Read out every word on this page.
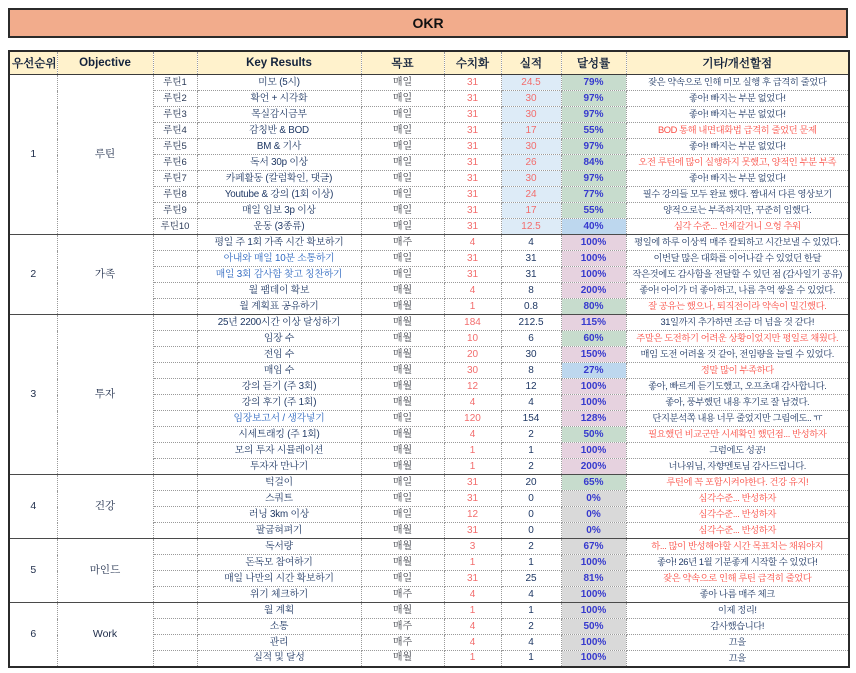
OKR
우선순위	Objective		Key Results	목표	수치화	실적	달성률	기타/개선할점
1	루틴	루틴1	미모 (5시)	매일	31	24.5	79%	잦은 약속으로 인해 미모 실행 후 급격히 줄었다
		루틴2	확언 + 시각화	매일	31	30	97%	좋아! 빠지는 부분 없었다!
		루틴3	목실감시금부	매일	31	30	97%	좋아! 빠지는 부분 없었다!
		루틴4	감칭반 & BOD	매일	31	17	55%	BOD 통해 내면대화법 급격히 줄었던 문제
		루틴5	BM & 기사	매일	31	30	97%	좋아! 빠지는 부분 없었다!
		루틴6	독서 30p 이상	매일	31	26	84%	오전 루틴에 많이 실행하지 못했고, 양적인 부분 부족
		루틴7	카페활동 (칼럼확인, 댓글)	매일	31	30	97%	좋아! 빠지는 부분 없었다!
		루틴8	Youtube & 강의 (1회 이상)	매일	31	24	77%	필수 강의들 모두 완료 했다. 짬내서 다른 영상보기
		루틴9	매일 임보 3p 이상	매일	31	17	55%	양적으로는 부족하지만, 꾸준히 임했다.
		루틴10	운동 (3종류)	매일	31	12.5	40%	심각 수준... 언제갈거니 으헝 추워
2	가족		평일 주 1회 가족 시간 확보하기	매주	4	4	100%	평일에 하루 이상씩 매주 칼퇴하고 시간보낼 수 있었다.
			아내와 매일 10분 소통하기	매일	31	31	100%	이번달 많은 대화를 이어나갈 수 있었던 한달
			매일 3회 감사함 찾고 칭찬하기	매일	31	31	100%	작은것에도 감사함을 전달할 수 있던 점 (감사일기 공유)
			월 팸데이 확보	매월	4	8	200%	좋아! 아이가 더 좋아하고, 나름 추억 쌓을 수 있었다.
			월 계획표 공유하기	매월	1	0.8	80%	잘 공유는 했으나, 퇴직전이라 약속이 밀긴했다.
3	투자		25년 2200시간 이상 달성하기	매월	184	212.5	115%	31일까지 추가하면 조금 더 넘을 것 같다!
			임장 수	매월	10	6	60%	주말은 도전하기 어려운 상황이었지만 평일로 채웠다.
			전임 수	매월	20	30	150%	매임 도전 어려울 것 같아, 전임량을 늘릴 수 있었다.
			매임 수	매월	30	8	27%	정말 많이 부족하다
			강의 듣기 (주 3회)	매월	12	12	100%	좋아, 빠르게 듣기도했고, 오프초대 감사합니다.
			강의 후기 (주 1회)	매월	4	4	100%	좋아, 풍부했던 내용 후기로 잘 남겼다.
			임장보고서 / 생각넣기	매일	120	154	128%	단지분석쪽 내용 너무 줄었지만 그림에도.. ㅠ
			시세트래킹 (주 1회)	매월	4	2	50%	필요했던 비교군만 시세확인 했던점... 반성하자
			모의 투자 시뮬레이션	매월	1	1	100%	그럼에도 성공!
			투자자 만나기	매월	1	2	200%	너나위님, 자향멘토님 감사드립니다.
4	건강		턱걸이	매일	31	20	65%	루틴에 꼭 포함시켜야한다. 건강 유지!
			스쿼트	매일	31	0	0%	심각수준... 반성하자
			러닝 3km 이상	매일	12	0	0%	심각수준... 반성하자
			팔굽혀펴기	매월	31	0	0%	심각수준... 반성하자
5	마인드		독서량	매월	3	2	67%	하... 많이 반성해야할 시간 목표치는 채워야지
			돈독모 참여하기	매월	1	1	100%	좋아! 26년 1월 기분좋게 시작할 수 있었다!
			매일 나만의 시간 확보하기	매일	31	25	81%	잦은 약속으로 인해 루틴 급격히 줄었다
			위기 체크하기	매주	4	4	100%	좋아 나름 매주 체크
6	Work		월 계획	매월	1	1	100%	이제 정리!
			소통	매주	4	2	50%	감사했습니다!
			관리	매주	4	4	100%	끄을
			실적 및 달성	매월	1	1	100%	끄을
